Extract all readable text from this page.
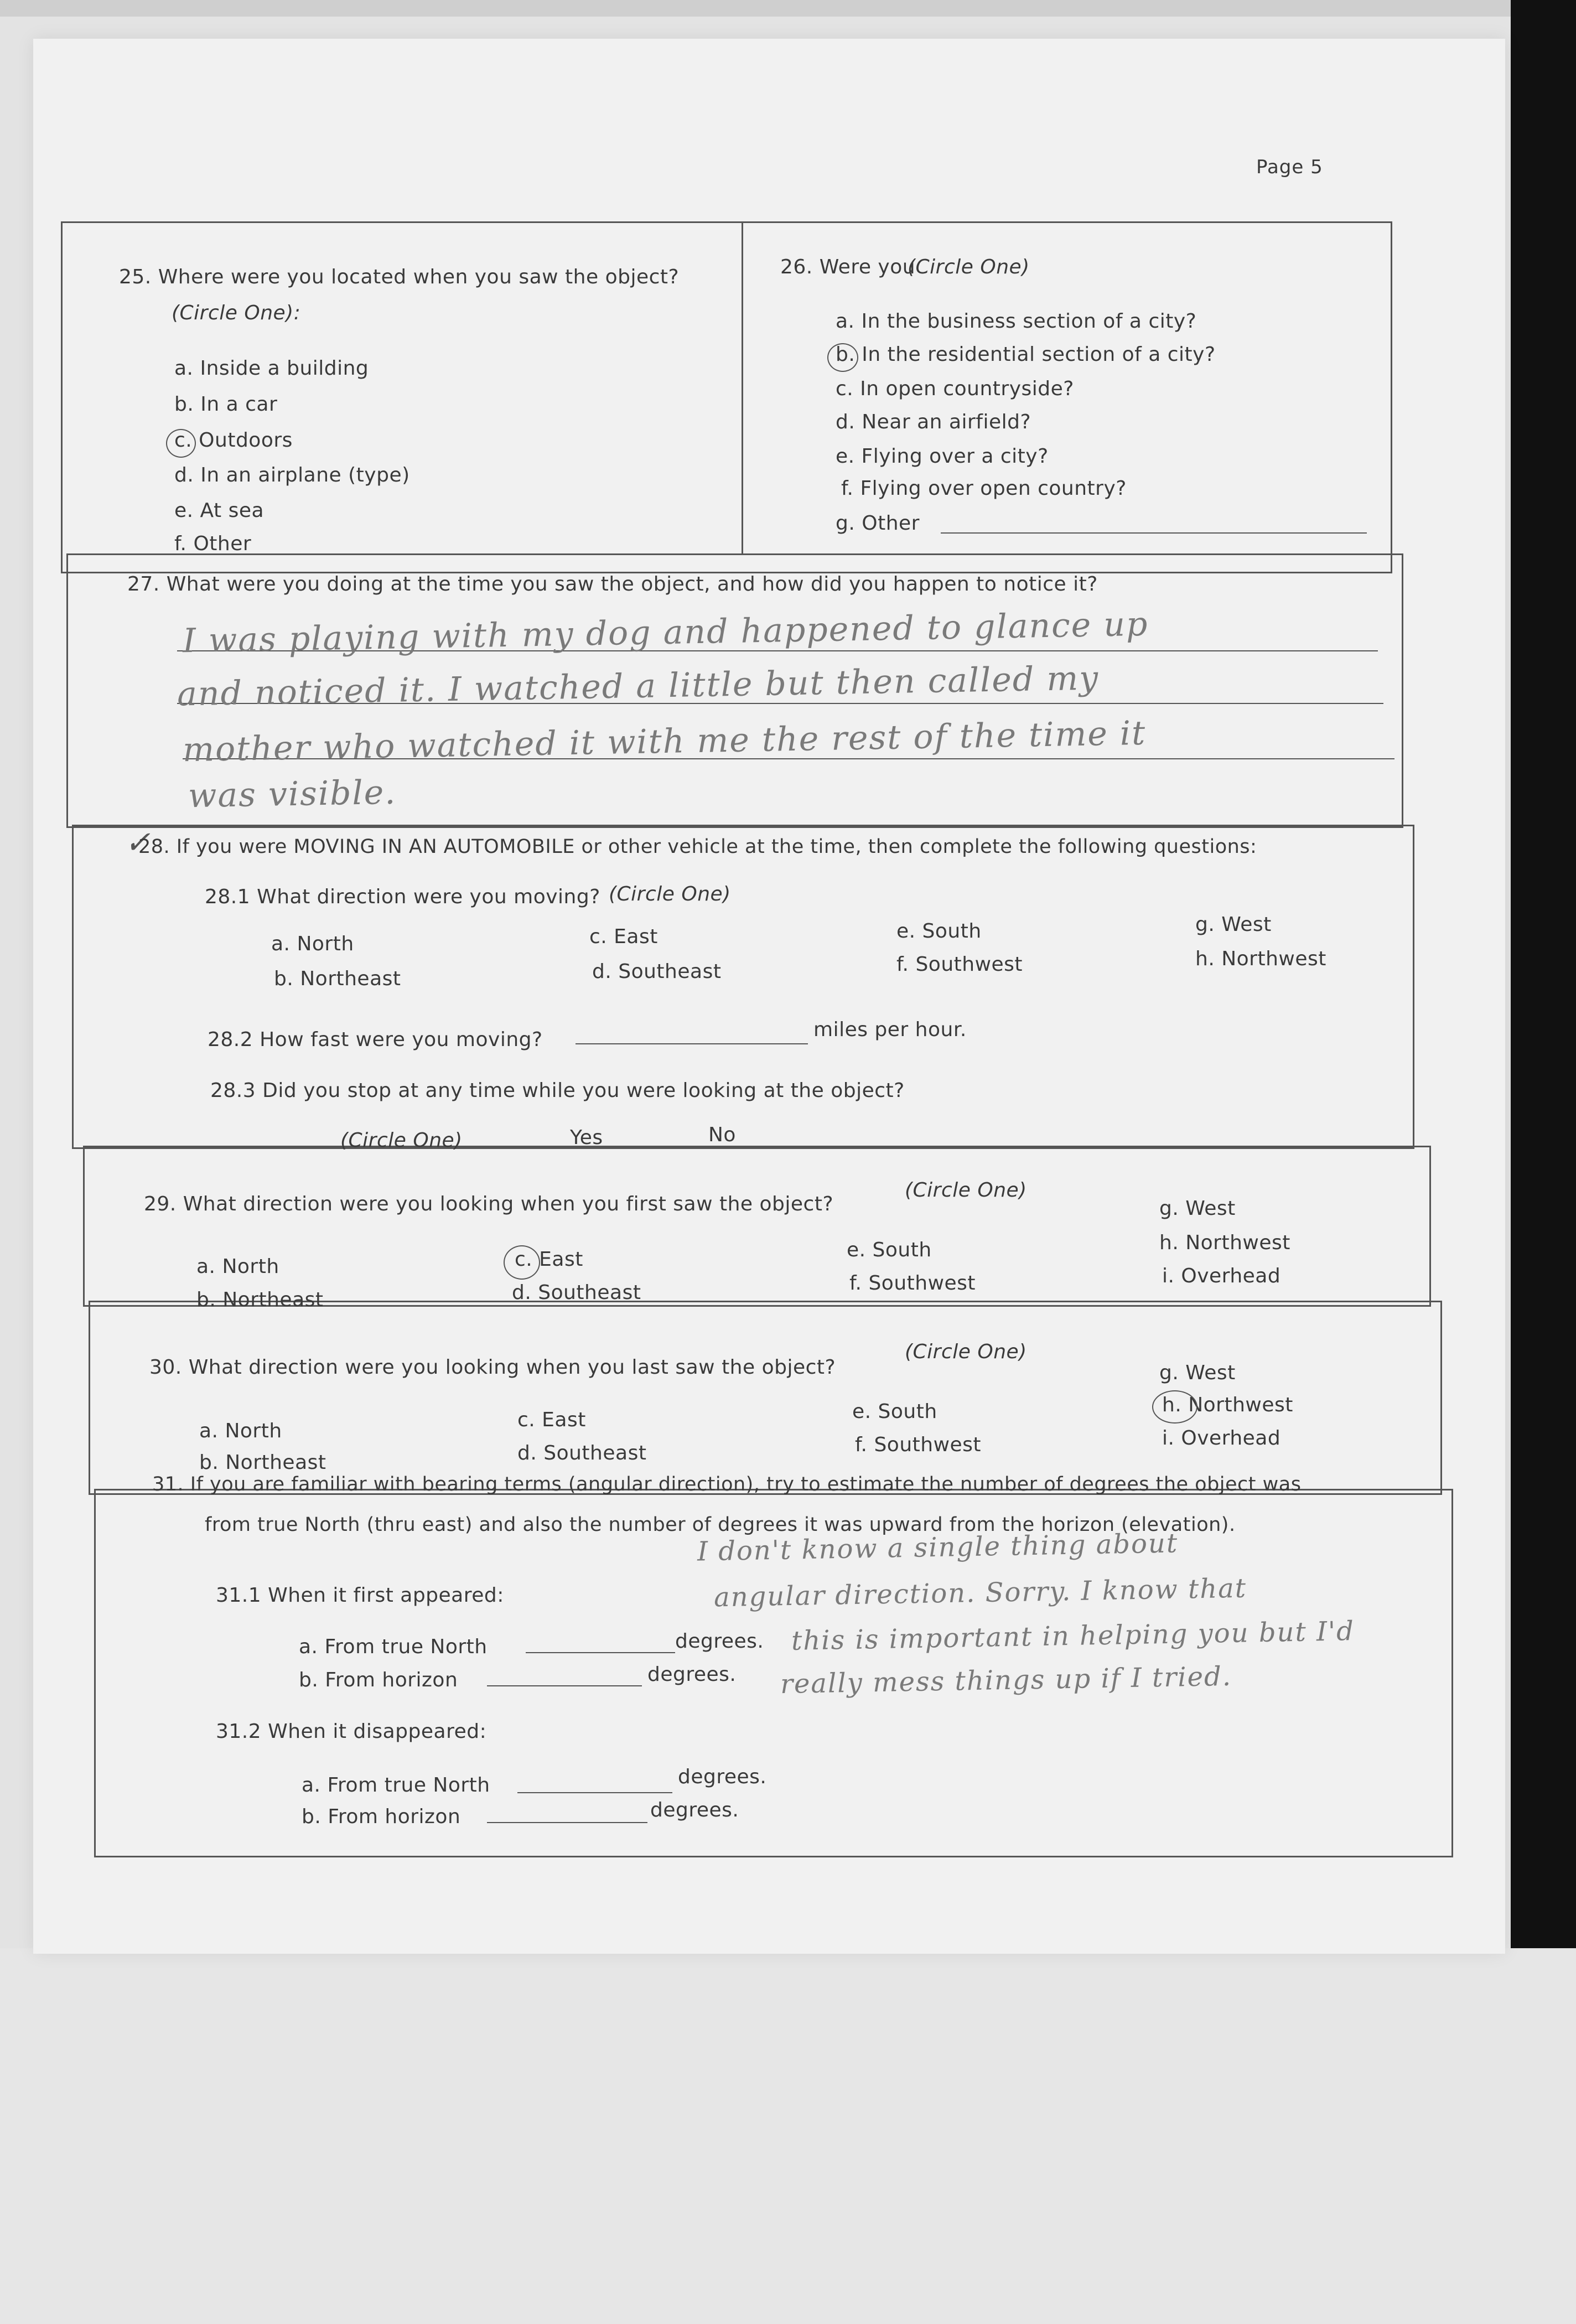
Page 5
25. Where were you located when you saw the object?
(Circle One):
a. Inside a building
b. In a car
c. Outdoors
d. In an airplane (type)
e. At sea
f. Other
26. Were you
(Circle One)
a. In the business section of a city?
b. In the residential section of a city?
c. In open countryside?
d. Near an airfield?
e. Flying over a city?
f. Flying over open country?
g. Other
27. What were you doing at the time you saw the object, and how did you happen to notice it?
I was playing with my dog and happened to glance up
and noticed it. I watched a little but then called my
mother who watched it with me the rest of the time it
was visible.
✓
28. If you were MOVING IN AN AUTOMOBILE or other vehicle at the time, then complete the following questions:
28.1 What direction were you moving? (Circle One)
a. North
b. Northeast
c. East
d. Southeast
e. South
f. Southwest
g. West
h. Northwest
28.2 How fast were you moving?	miles per hour.
28.3 Did you stop at any time while you were looking at the object?
(Circle One)	Yes	No
29. What direction were you looking when you first saw the object?
(Circle One)
a. North
b. Northeast
c. East
d. Southeast
e. South
f. Southwest
g. West
h. Northwest
i. Overhead
30. What direction were you looking when you last saw the object?
(Circle One)
a. North
b. Northeast
c. East
d. Southeast
e. South
f. Southwest
g. West
h. Northwest
i. Overhead
31. If you are familiar with bearing terms (angular direction), try to estimate the number of degrees the object was
from true North (thru east) and also the number of degrees it was upward from the horizon (elevation).
31.1 When it first appeared:
a. From true North	degrees.
b. From horizon	degrees.
31.2 When it disappeared:
a. From true North	degrees.
b. From horizon	degrees.
I don't know a single thing about
angular direction. Sorry. I know that
this is important in helping you but I'd
really mess things up if I tried.
